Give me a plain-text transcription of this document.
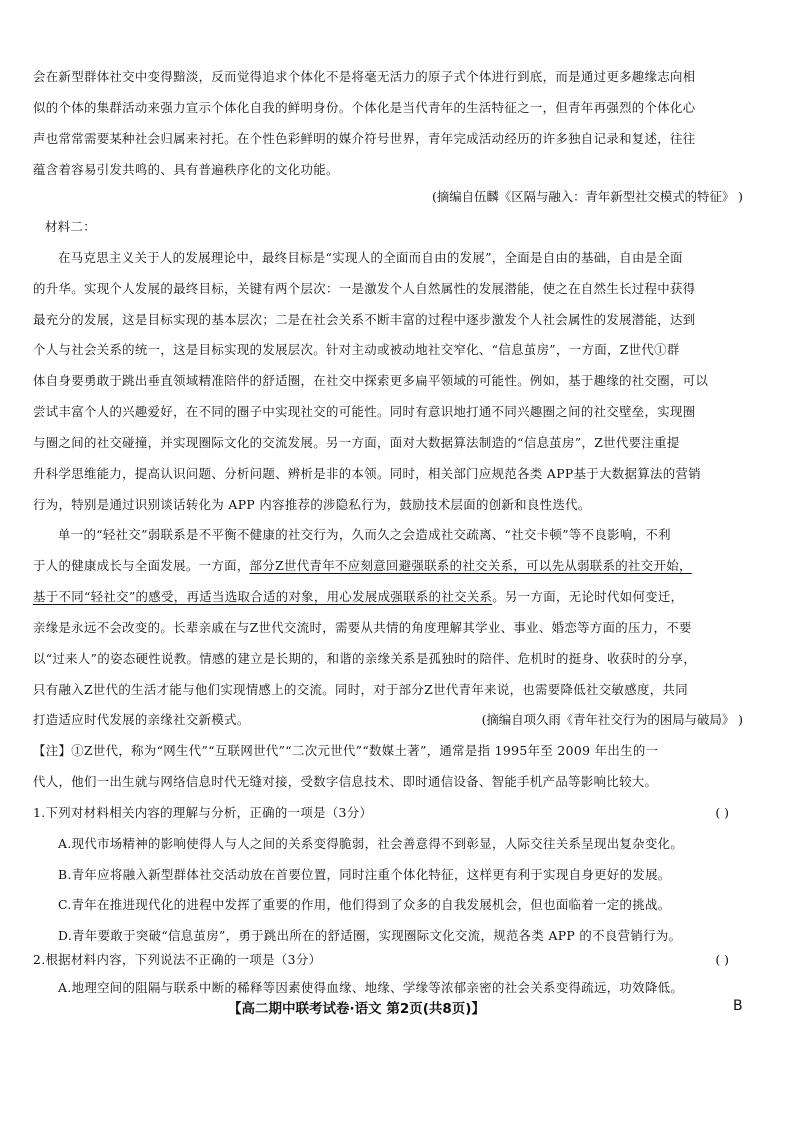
会在新型群体社交中变得黯淡，反而觉得追求个体化不是将毫无活力的原子式个体进行到底，而是通过更多趣缘志向相
似的个体的集群活动来强力宣示个体化自我的鲜明身份。个体化是当代青年的生活特征之一，但青年再强烈的个体化心
声也常常需要某种社会归属来衬托。在个性色彩鲜明的媒介符号世界，青年完成活动经历的许多独自记录和复述，往往
蕴含着容易引发共鸣的、具有普遍秩序化的文化功能。
(摘编自伍麟《区隔与融入：青年新型社交模式的特征》 )
材料二：
在马克思主义关于人的发展理论中，最终目标是“实现人的全面而自由的发展”，全面是自由的基础，自由是全面
的升华。实现个人发展的最终目标，关键有两个层次：一是激发个人自然属性的发展潜能，使之在自然生长过程中获得
最充分的发展，这是目标实现的基本层次；二是在社会关系不断丰富的过程中逐步激发个人社会属性的发展潜能，达到
个人与社会关系的统一，这是目标实现的发展层次。针对主动或被动地社交窄化、“信息茧房”，一方面，Z世代①群
体自身要勇敢于跳出垂直领域精准陪伴的舒适圈，在社交中探索更多扁平领域的可能性。例如，基于趣缘的社交圈，可以
尝试丰富个人的兴趣爱好，在不同的圈子中实现社交的可能性。同时有意识地打通不同兴趣圈之间的社交壁垒，实现圈
与圈之间的社交碰撞，并实现圈际文化的交流发展。另一方面，面对大数据算法制造的“信息茧房”，Z世代要注重提
升科学思维能力，提高认识问题、分析问题、辨析是非的本领。同时，相关部门应规范各类 APP基于大数据算法的营销
行为，特别是通过识别谈话转化为 APP 内容推荐的涉隐私行为，鼓励技术层面的创新和良性迭代。
单一的“轻社交”弱联系是不平衡不健康的社交行为，久而久之会造成社交疏离、“社交卡顿”等不良影响，不利
于人的健康成长与全面发展。一方面，部分Z世代青年不应刻意回避强联系的社交关系，可以先从弱联系的社交开始，
基于不同“轻社交”的感受，再适当选取合适的对象，用心发展成强联系的社交关系。另一方面，无论时代如何变迁，
亲缘是永远不会改变的。长辈亲戚在与Z世代交流时，需要从共情的角度理解其学业、事业、婚恋等方面的压力，不要
以“过来人”的姿态硬性说教。情感的建立是长期的，和谐的亲缘关系是孤独时的陪伴、危机时的挺身、收获时的分享，
只有融入Z世代的生活才能与他们实现情感上的交流。同时，对于部分Z世代青年来说，也需要降低社交敏感度，共同
打造适应时代发展的亲缘社交新模式。	(摘编自项久雨《青年社交行为的困局与破局》 )
【注】①Z世代，称为“网生代”“互联网世代”“二次元世代”“数媒土著”，通常是指 1995年至 2009 年出生的一
代人，他们一出生就与网络信息时代无缝对接，受数字信息技术、即时通信设备、智能手机产品等影响比较大。
1.下列对材料相关内容的理解与分析，正确的一项是（3分）	( )
A.现代市场精神的影响使得人与人之间的关系变得脆弱，社会善意得不到彰显，人际交往关系呈现出复杂变化。
B.青年应将融入新型群体社交活动放在首要位置，同时注重个体化特征，这样更有利于实现自身更好的发展。
C.青年在推进现代化的进程中发挥了重要的作用，他们得到了众多的自我发展机会，但也面临着一定的挑战。
D.青年要敢于突破“信息茧房”，勇于跳出所在的舒适圈，实现圈际文化交流，规范各类 APP 的不良营销行为。
2.根据材料内容，下列说法不正确的一项是（3分）	( )
A.地理空间的阻隔与联系中断的稀释等因素使得血缘、地缘、学缘等浓郁亲密的社会关系变得疏远，功效降低。
【高二期中联考试卷·语文 第2页(共8页)】	B
